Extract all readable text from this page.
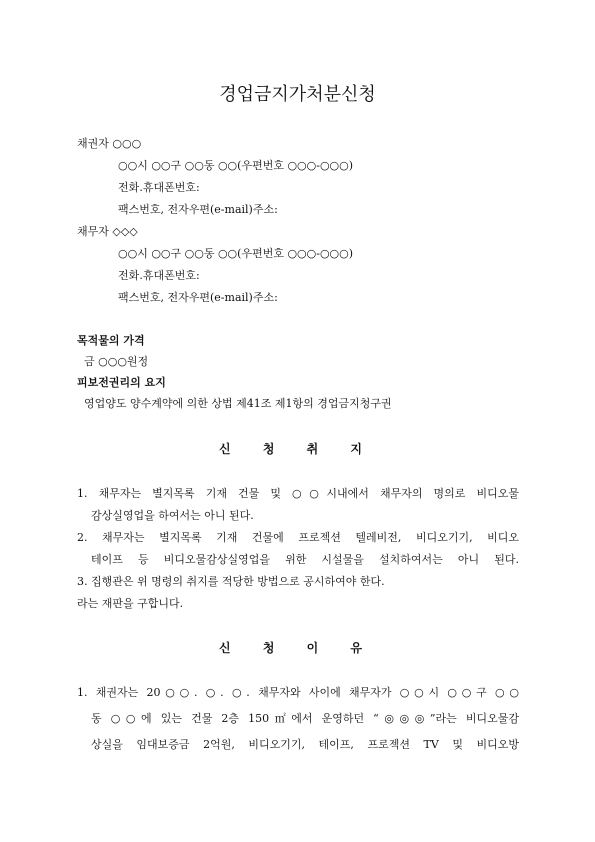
경업금지가처분신청
채권자 ○○○
○○시 ○○구 ○○동 ○○(우편번호 ○○○-○○○)
전화․휴대폰번호:
팩스번호, 전자우편(e-mail)주소:
채무자 ◇◇◇
○○시 ○○구 ○○동 ○○(우편번호 ○○○-○○○)
전화․휴대폰번호:
팩스번호, 전자우편(e-mail)주소:
목적물의 가격
금 ○○○원정
피보전권리의 요지
영업양도 양수계약에 의한 상법 제41조 제1항의 경업금지청구권
신 청 취 지
1. 채무자는 별지목록 기재 건물 및 ○○시내에서 채무자의 명의로 비디오물
감상실영업을 하여서는 아니 된다.
2. 채무자는 별지목록 기재 건물에 프로젝션 텔레비전, 비디오기기, 비디오
테이프 등 비디오물감상실영업을 위한 시설물을 설치하여서는 아니 된다.
3. 집행관은 위 명령의 취지를 적당한 방법으로 공시하여야 한다.
라는 재판을 구합니다.
신 청 이 유
1. 채권자는 20○○. ○. ○. 채무자와 사이에 채무자가 ○○시 ○○구 ○○
동 ○○에 있는 건물 2층 150㎡에서 운영하던 “◎◎◎”라는 비디오물감
상실을 임대보증금 2억원, 비디오기기, 테이프, 프로젝션 TV 및 비디오방
